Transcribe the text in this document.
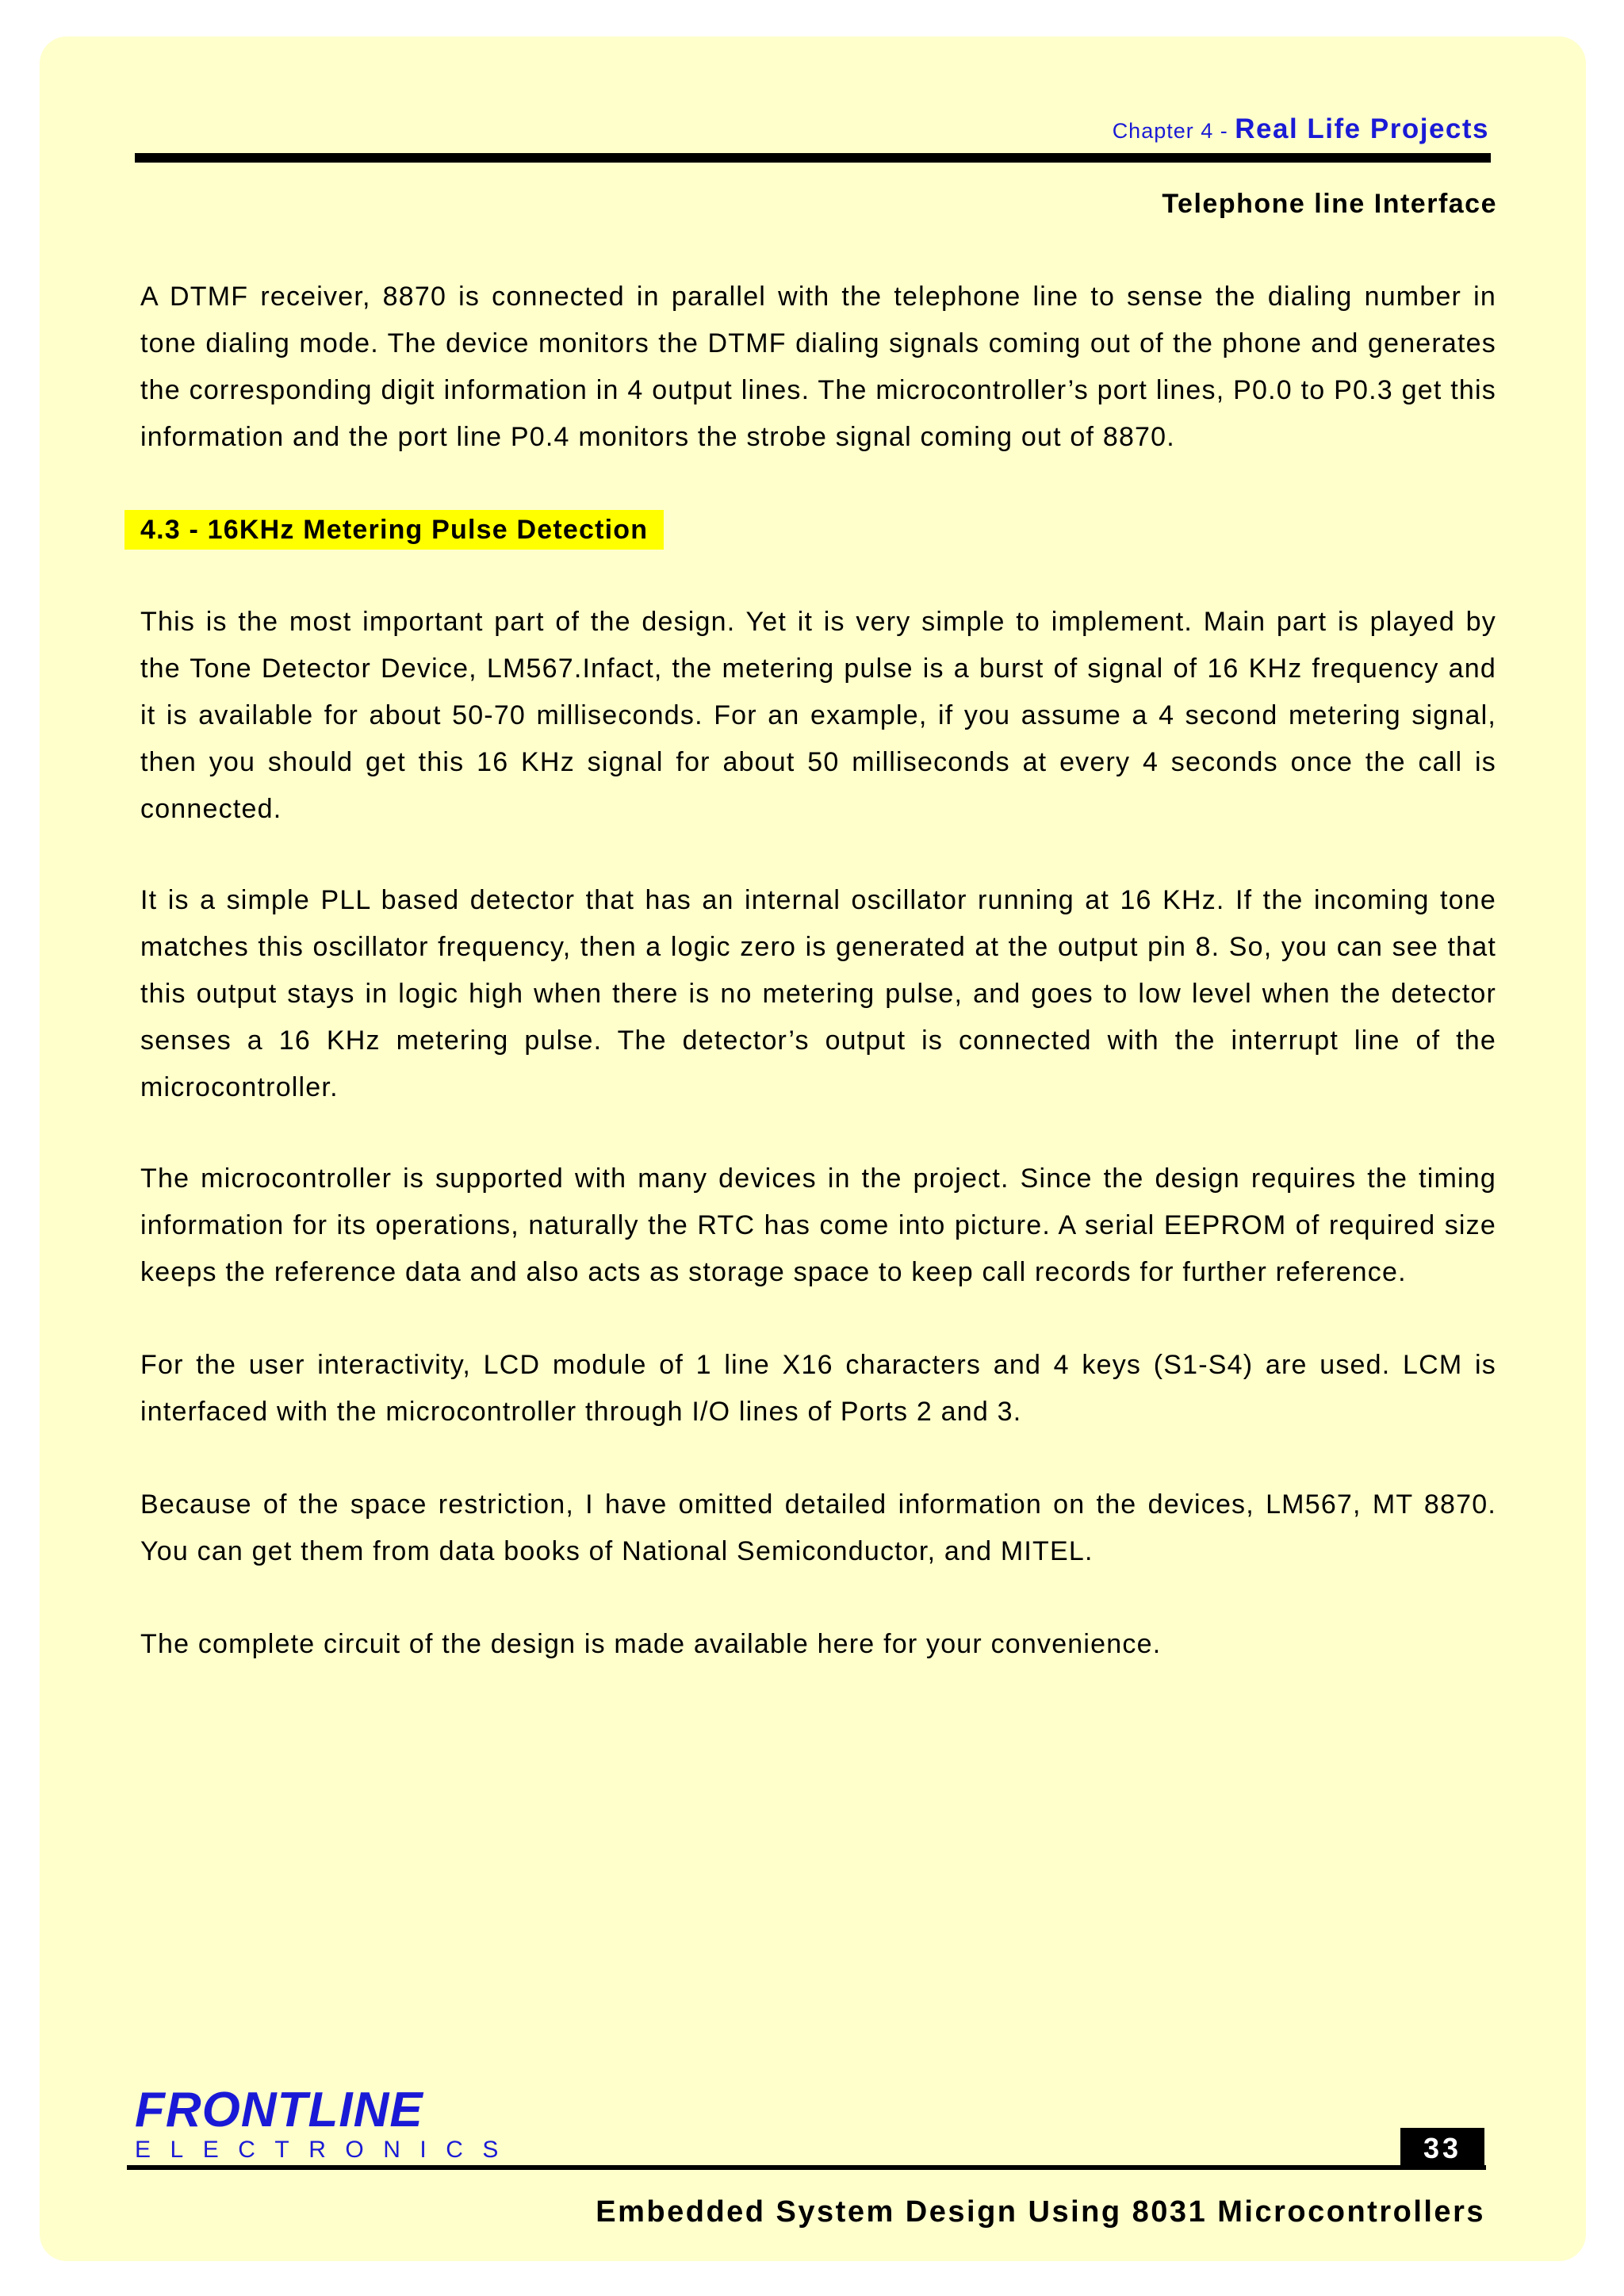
Chapter 4 - Real Life Projects
Telephone line Interface
A DTMF receiver, 8870 is connected in parallel with the telephone line to sense the dialing number in tone dialing mode. The device monitors the DTMF dialing signals coming out of the phone and generates the corresponding digit information in 4 output lines. The microcontroller’s port lines, P0.0 to P0.3 get this information and the port line P0.4 monitors the strobe signal coming out of 8870.
4.3 - 16KHz Metering Pulse Detection
This is the most important part of the design. Yet it is very simple to implement. Main part is played by the Tone Detector Device, LM567.Infact, the metering pulse is a burst of signal of 16 KHz frequency and it is available for about 50-70 milliseconds. For an example, if you assume a 4 second metering signal, then you should get this 16 KHz signal for about 50 milliseconds at every 4 seconds once the call is connected.
It is a simple PLL based detector that has an internal oscillator running at 16 KHz. If the incoming tone matches this oscillator frequency, then a logic zero is generated at the output pin 8. So, you can see that this output stays in logic high when there is no metering pulse, and goes to low level when the detector senses a 16 KHz metering pulse. The detector’s output is connected with the interrupt line of the microcontroller.
The microcontroller is supported with many devices in the project. Since the design requires the timing information for its operations, naturally the RTC has come into picture. A serial EEPROM of required size keeps the reference data and also acts as storage space to keep call records for further reference.
For the user interactivity, LCD module of 1 line X16 characters and 4 keys (S1-S4) are used. LCM is interfaced with the microcontroller through I/O lines of Ports 2 and 3.
Because of the space restriction, I have omitted detailed information on the devices, LM567, MT 8870. You can get them from data books of National Semiconductor, and MITEL.
The complete circuit of the design is made available here for your convenience.
FRONTLINE
ELECTRONICS	33
Embedded System Design Using 8031 Microcontrollers
